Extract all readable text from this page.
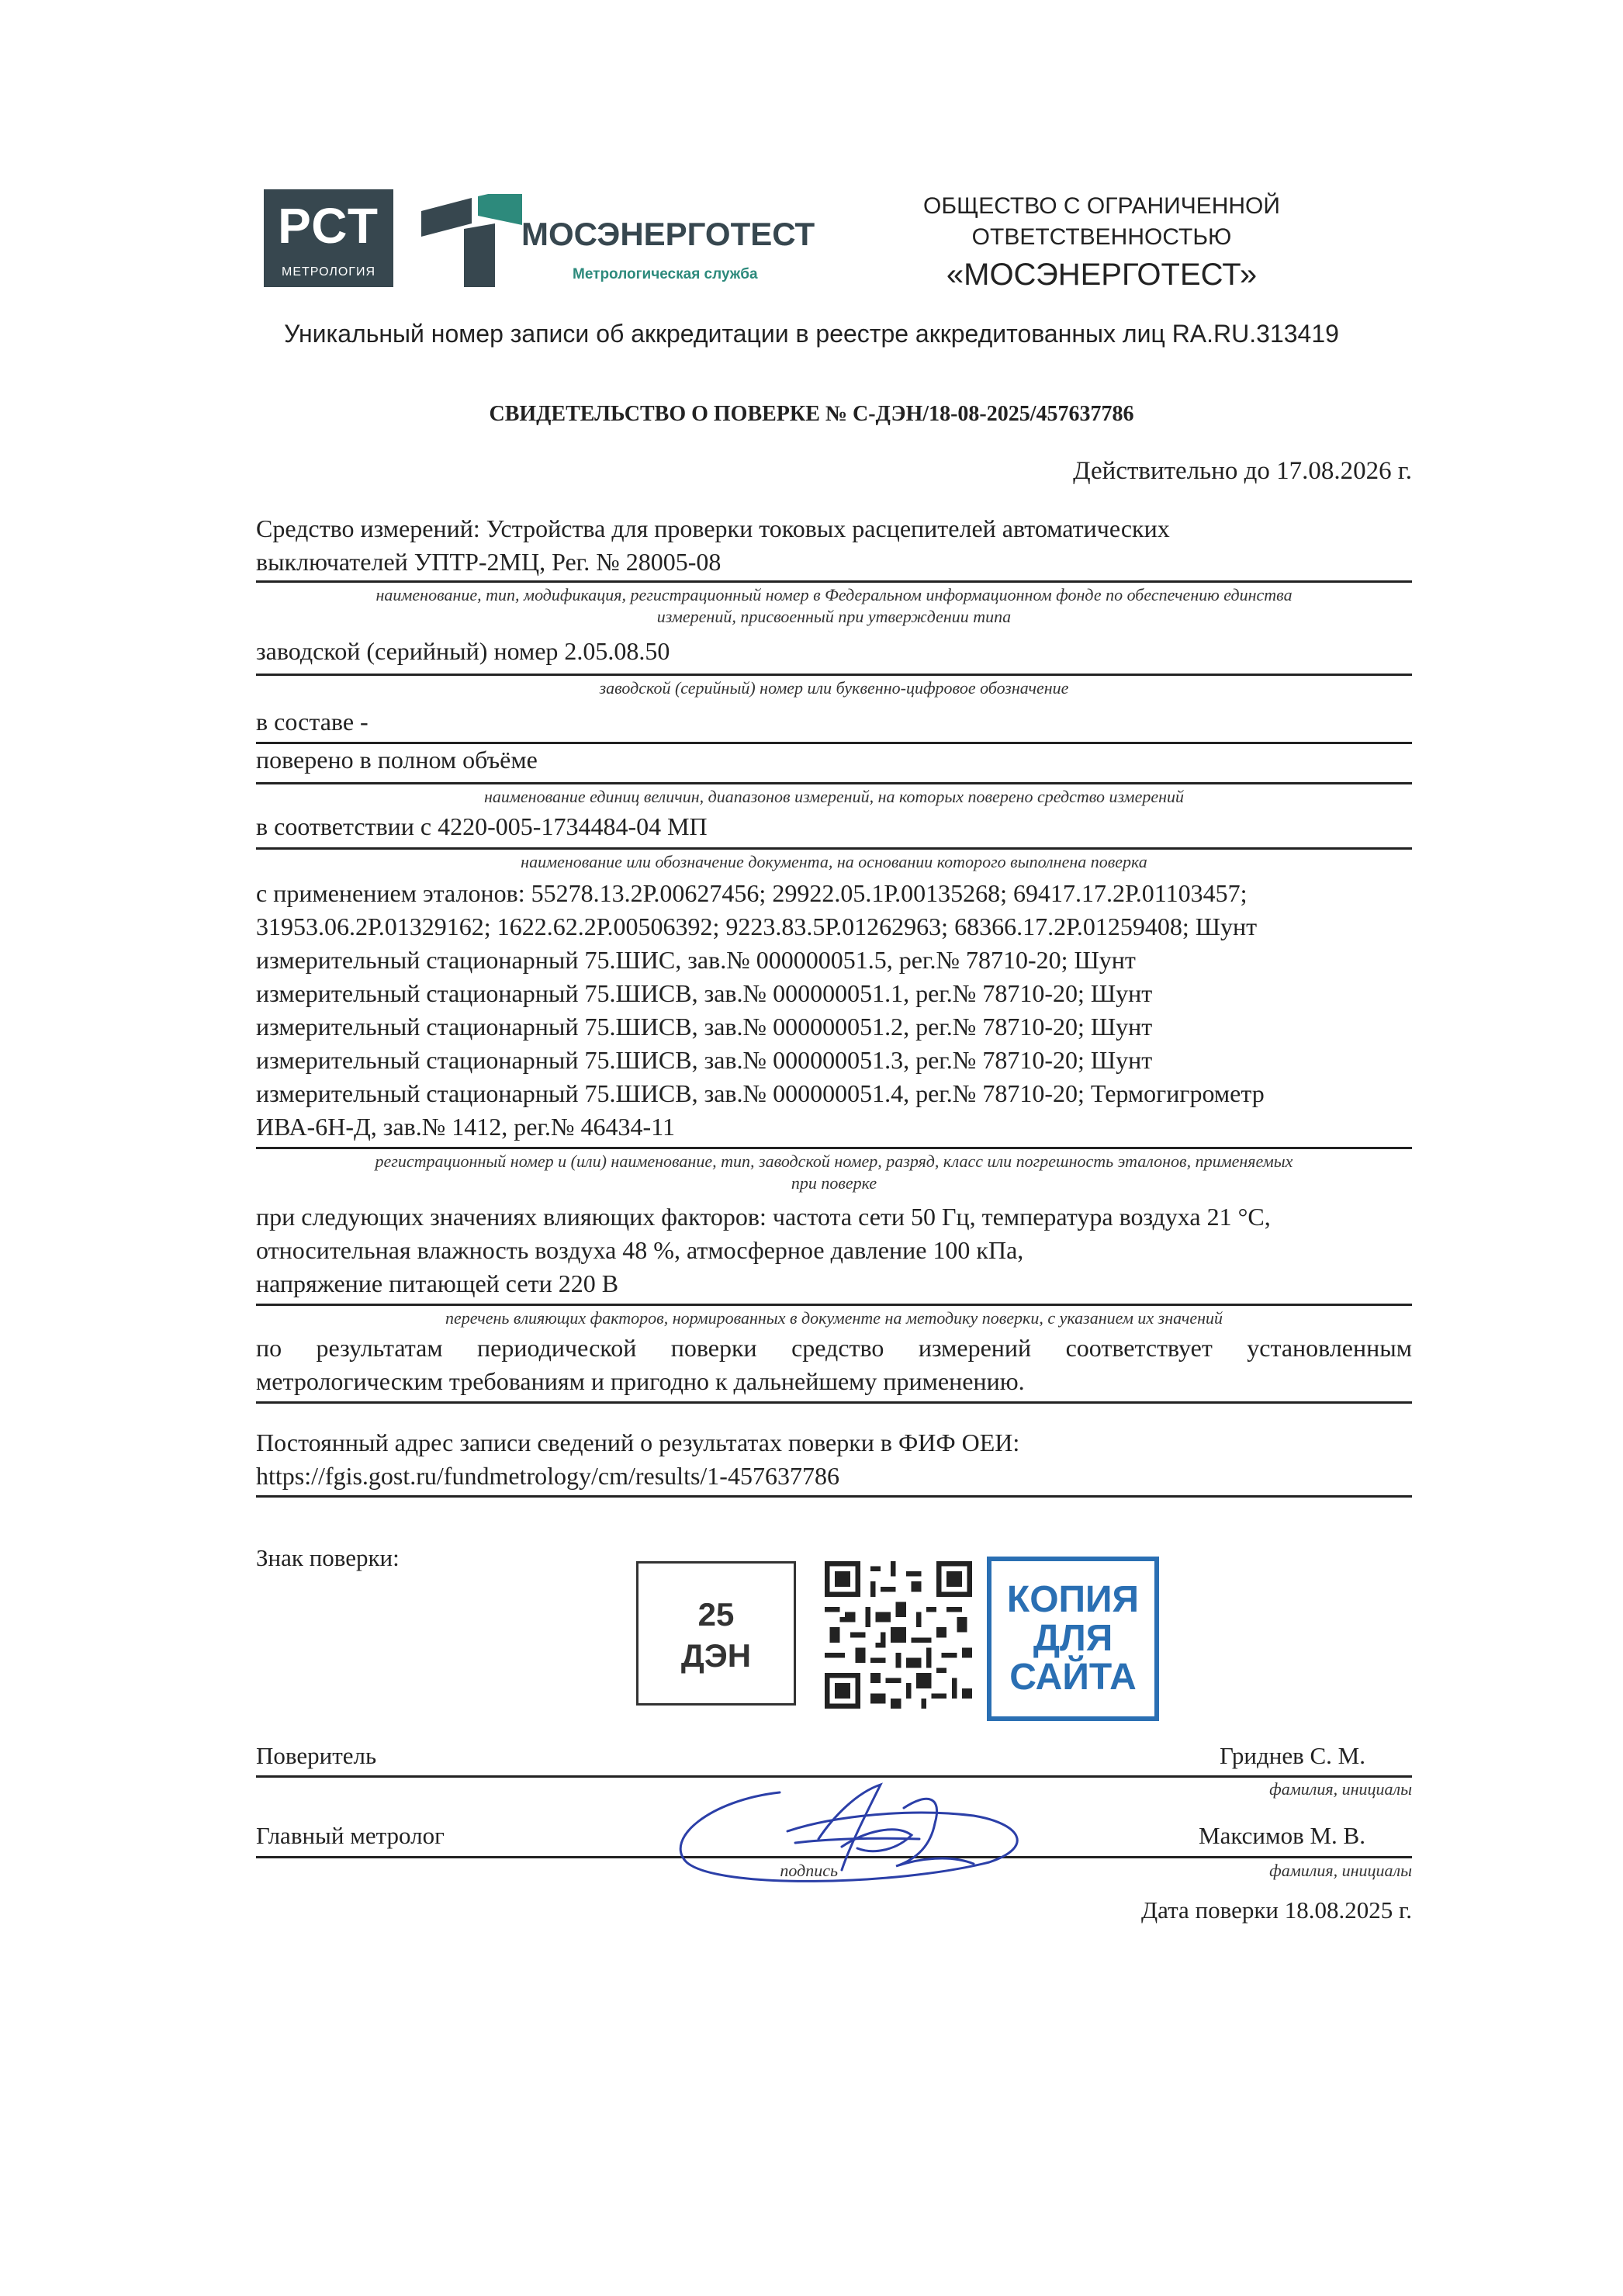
РСТ
МЕТРОЛОГИЯ
МОСЭНЕРГОТЕСТ
Метрологическая служба
ОБЩЕСТВО С ОГРАНИЧЕННОЙ
ОТВЕТСТВЕННОСТЬЮ
«МОСЭНЕРГОТЕСТ»
Уникальный номер записи об аккредитации в реестре аккредитованных лиц RA.RU.313419
СВИДЕТЕЛЬСТВО О ПОВЕРКЕ № С-ДЭН/18-08-2025/457637786
Действительно до 17.08.2026 г.
Средство измерений: Устройства для проверки токовых расцепителей автоматических
выключателей УПТР-2МЦ, Рег. № 28005-08
наименование, тип, модификация, регистрационный номер в Федеральном информационном фонде по обеспечению единства
измерений, присвоенный при утверждении типа
заводской (серийный) номер 2.05.08.50
заводской (серийный) номер или буквенно-цифровое обозначение
в составе -
поверено в полном объёме
наименование единиц величин, диапазонов измерений, на которых поверено средство измерений
в соответствии с 4220-005-1734484-04 МП
наименование или обозначение документа, на основании которого выполнена поверка
с применением эталонов: 55278.13.2Р.00627456; 29922.05.1Р.00135268; 69417.17.2Р.01103457;
31953.06.2Р.01329162; 1622.62.2Р.00506392; 9223.83.5Р.01262963; 68366.17.2Р.01259408; Шунт
измерительный стационарный 75.ШИС, зав.№ 000000051.5, рег.№ 78710-20; Шунт
измерительный стационарный 75.ШИСВ, зав.№ 000000051.1, рег.№ 78710-20; Шунт
измерительный стационарный 75.ШИСВ, зав.№ 000000051.2, рег.№ 78710-20; Шунт
измерительный стационарный 75.ШИСВ, зав.№ 000000051.3, рег.№ 78710-20; Шунт
измерительный стационарный 75.ШИСВ, зав.№ 000000051.4, рег.№ 78710-20; Термогигрометр
ИВА-6Н-Д, зав.№ 1412, рег.№ 46434-11
регистрационный номер и (или) наименование, тип, заводской номер, разряд, класс или погрешность эталонов, применяемых
при поверке
при следующих значениях влияющих факторов: частота сети 50 Гц, температура воздуха 21 °С,
относительная влажность воздуха 48 %, атмосферное давление 100 кПа,
напряжение питающей сети 220 В
перечень влияющих факторов, нормированных в документе на методику поверки, с указанием их значений
по результатам периодической поверки средство измерений соответствует установленным
метрологическим требованиям и пригодно к дальнейшему применению.
Постоянный адрес записи сведений о результатах поверки в ФИФ ОЕИ:
https://fgis.gost.ru/fundmetrology/cm/results/1-457637786
Знак поверки:
25
ДЭН
КОПИЯ
ДЛЯ
САЙТА
Поверитель	Гриднев С. М.
фамилия, инициалы
Главный метролог	Максимов М. В.
подпись	фамилия, инициалы
Дата поверки 18.08.2025 г.
